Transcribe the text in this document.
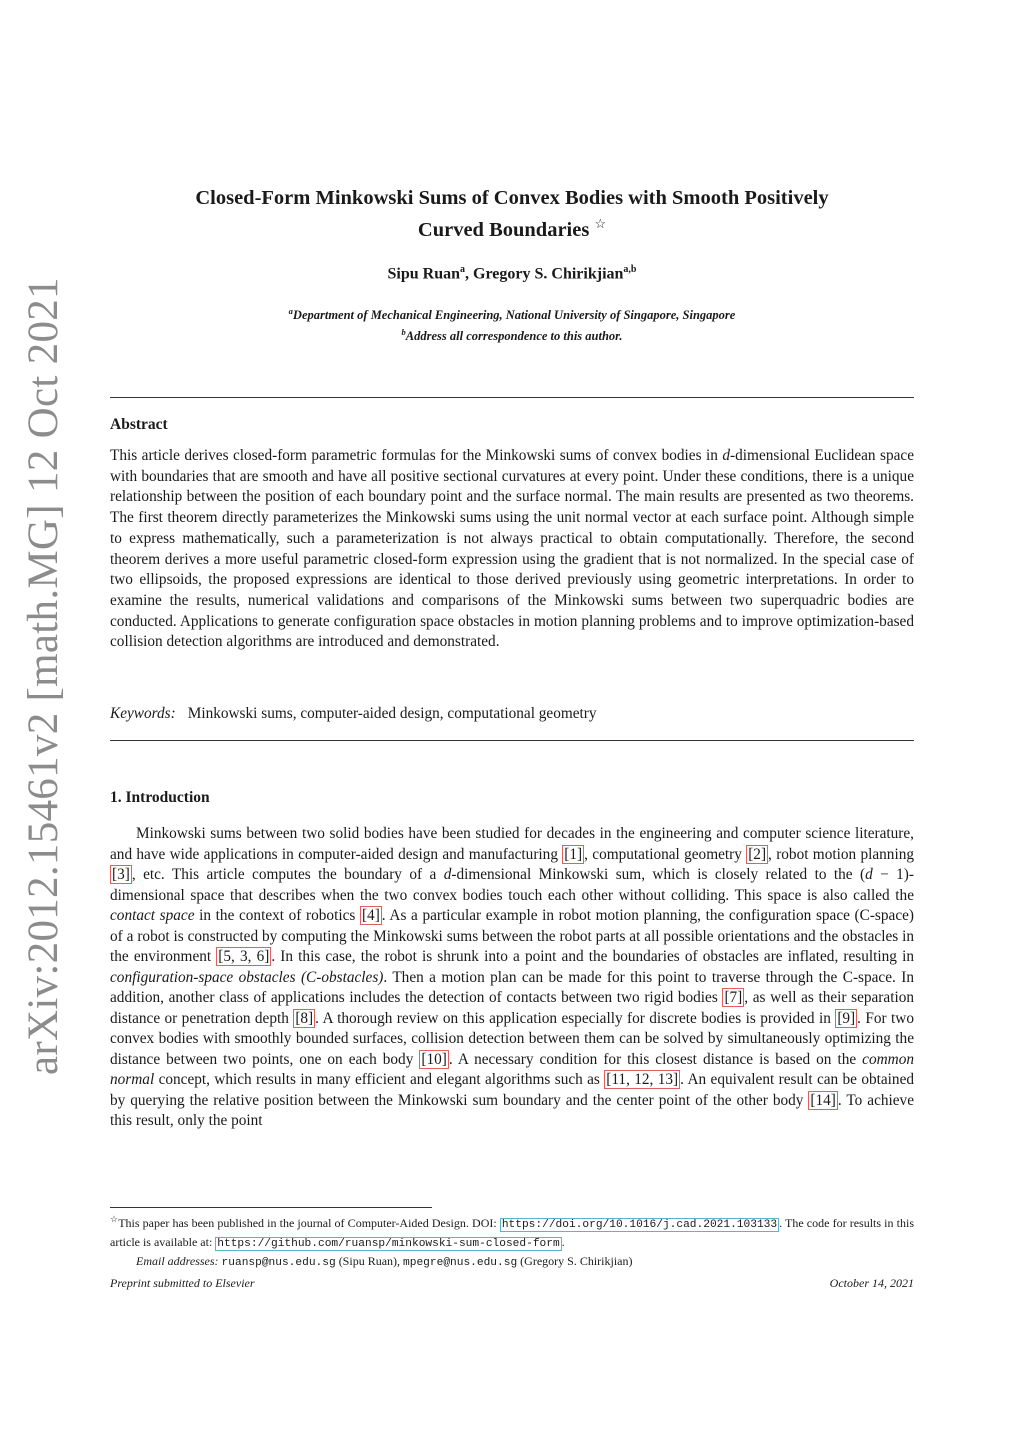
arXiv:2012.15461v2 [math.MG] 12 Oct 2021
Closed-Form Minkowski Sums of Convex Bodies with Smooth Positively
Curved Boundaries ☆
Sipu Ruan$^a$, Gregory S. Chirikjian$^{a,b}$
$^a$Department of Mechanical Engineering, National University of Singapore, Singapore
$^b$Address all correspondence to this author.
Abstract
This article derives closed-form parametric formulas for the Minkowski sums of convex bodies in d-dimensional Euclidean space with boundaries that are smooth and have all positive sectional curvatures at every point. Under these conditions, there is a unique relationship between the position of each boundary point and the surface normal. The main results are presented as two theorems. The first theorem directly parameterizes the Minkowski sums using the unit normal vector at each surface point. Although simple to express mathematically, such a parameterization is not always practical to obtain computationally. Therefore, the second theorem derives a more useful parametric closed-form expression using the gradient that is not normalized. In the special case of two ellipsoids, the proposed expressions are identical to those derived previously using geometric interpretations. In order to examine the results, numerical validations and comparisons of the Minkowski sums between two superquadric bodies are conducted. Applications to generate configuration space obstacles in motion planning problems and to improve optimization-based collision detection algorithms are introduced and demonstrated.
Keywords: Minkowski sums, computer-aided design, computational geometry
1. Introduction
Minkowski sums between two solid bodies have been studied for decades in the engineering and computer science literature, and have wide applications in computer-aided design and manufacturing [1] , computational geometry [2] , robot motion planning [3] , etc. This article computes the boundary of a d-dimensional Minkowski sum, which is closely related to the (d − 1)-dimensional space that describes when the two convex bodies touch each other without colliding. This space is also called the contact space in the context of robotics [4] . As a particular example in robot motion planning, the configuration space (C-space) of a robot is constructed by computing the Minkowski sums between the robot parts at all possible orientations and the obstacles in the environment [5, 3, 6] . In this case, the robot is shrunk into a point and the boundaries of obstacles are inflated, resulting in configuration-space obstacles (C-obstacles). Then a motion plan can be made for this point to traverse through the C-space. In addition, another class of applications includes the detection of contacts between two rigid bodies [7] , as well as their separation distance or penetration depth [8] . A thorough review on this application especially for discrete bodies is provided in [9] . For two convex bodies with smoothly bounded surfaces, collision detection between them can be solved by simultaneously optimizing the distance between two points, one on each body [10] . A necessary condition for this closest distance is based on the common normal concept, which results in many efficient and elegant algorithms such as [11, 12, 13] . An equivalent result can be obtained by querying the relative position between the Minkowski sum boundary and the center point of the other body [14] . To achieve this result, only the point
☆This paper has been published in the journal of Computer-Aided Design. DOI: https://doi.org/10.1016/j.cad.2021.103133 . The code for results in this article is available at: https://github.com/ruansp/minkowski-sum-closed-form .
Email addresses: ruansp@nus.edu.sg (Sipu Ruan), mpegre@nus.edu.sg (Gregory S. Chirikjian)
Preprint submitted to Elsevier	October 14, 2021
